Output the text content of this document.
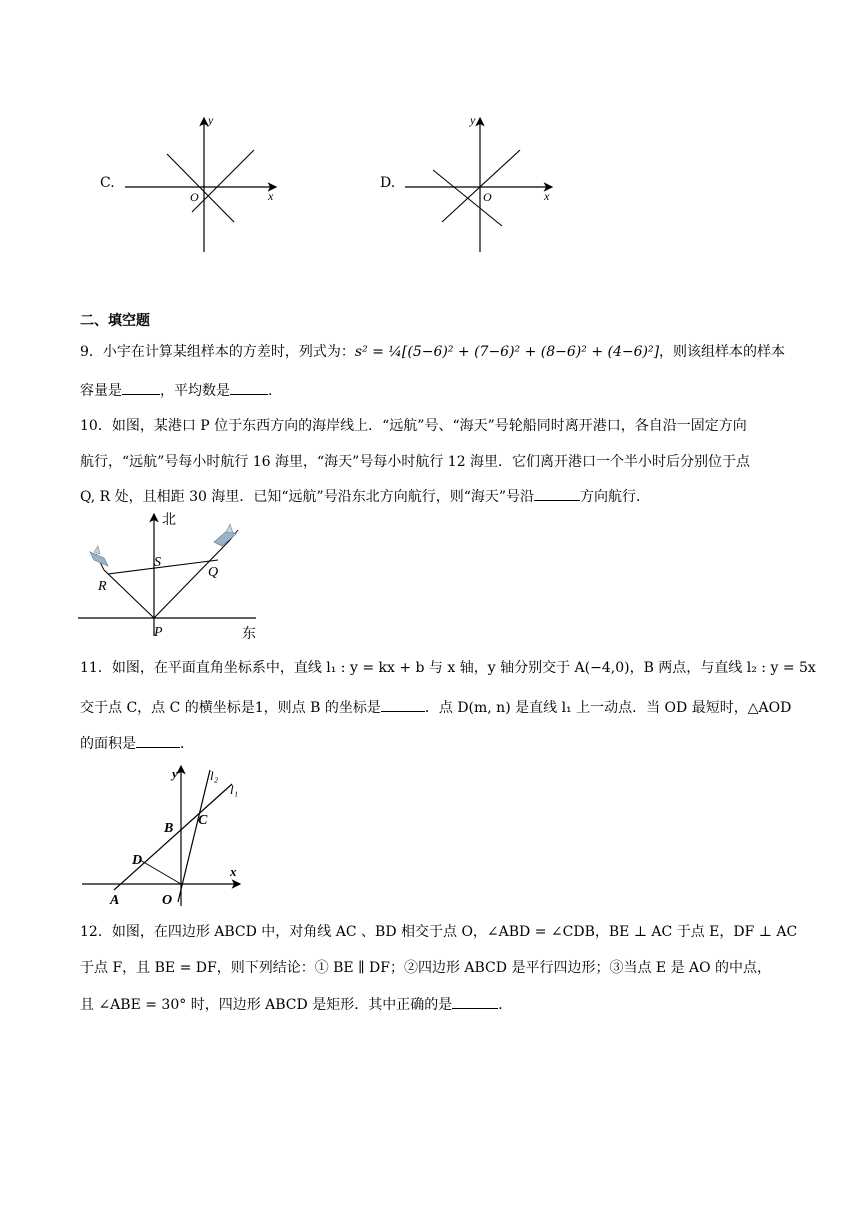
C.
y
x
O
D.
y
x
O
二、填空题
9．小宇在计算某组样本的方差时，列式为：s² = ¼[(5−6)² + (7−6)² + (8−6)² + (4−6)²]，则该组样本的样本
容量是	，平均数是	.
10．如图，某港口 P 位于东西方向的海岸线上．“远航”号、“海天”号轮船同时离开港口，各自沿一固定方向
航行，“远航”号每小时航行 16 海里，“海天”号每小时航行 12 海里．它们离开港口一个半小时后分别位于点
Q, R 处，且相距 30 海里．已知“远航”号沿东北方向航行，则“海天”号沿	方向航行．
北
东
S
R
Q
P
11．如图，在平面直角坐标系中，直线 l₁ : y = kx + b 与 x 轴，y 轴分别交于 A(−4,0)，B 两点，与直线 l₂ : y = 5x
交于点 C，点 C 的横坐标是1，则点 B 的坐标是	．点 D(m, n) 是直线 l₁ 上一动点．当 OD 最短时，△AOD
的面积是	．
y
x
l₂
l₁
B
C
D
A	O
12．如图，在四边形 ABCD 中，对角线 AC 、BD 相交于点 O，∠ABD = ∠CDB，BE ⊥ AC 于点 E，DF ⊥ AC
于点 F，且 BE = DF，则下列结论：① BE ∥ DF；②四边形 ABCD 是平行四边形；③当点 E 是 AO 的中点，
且 ∠ABE = 30° 时，四边形 ABCD 是矩形．其中正确的是	．
